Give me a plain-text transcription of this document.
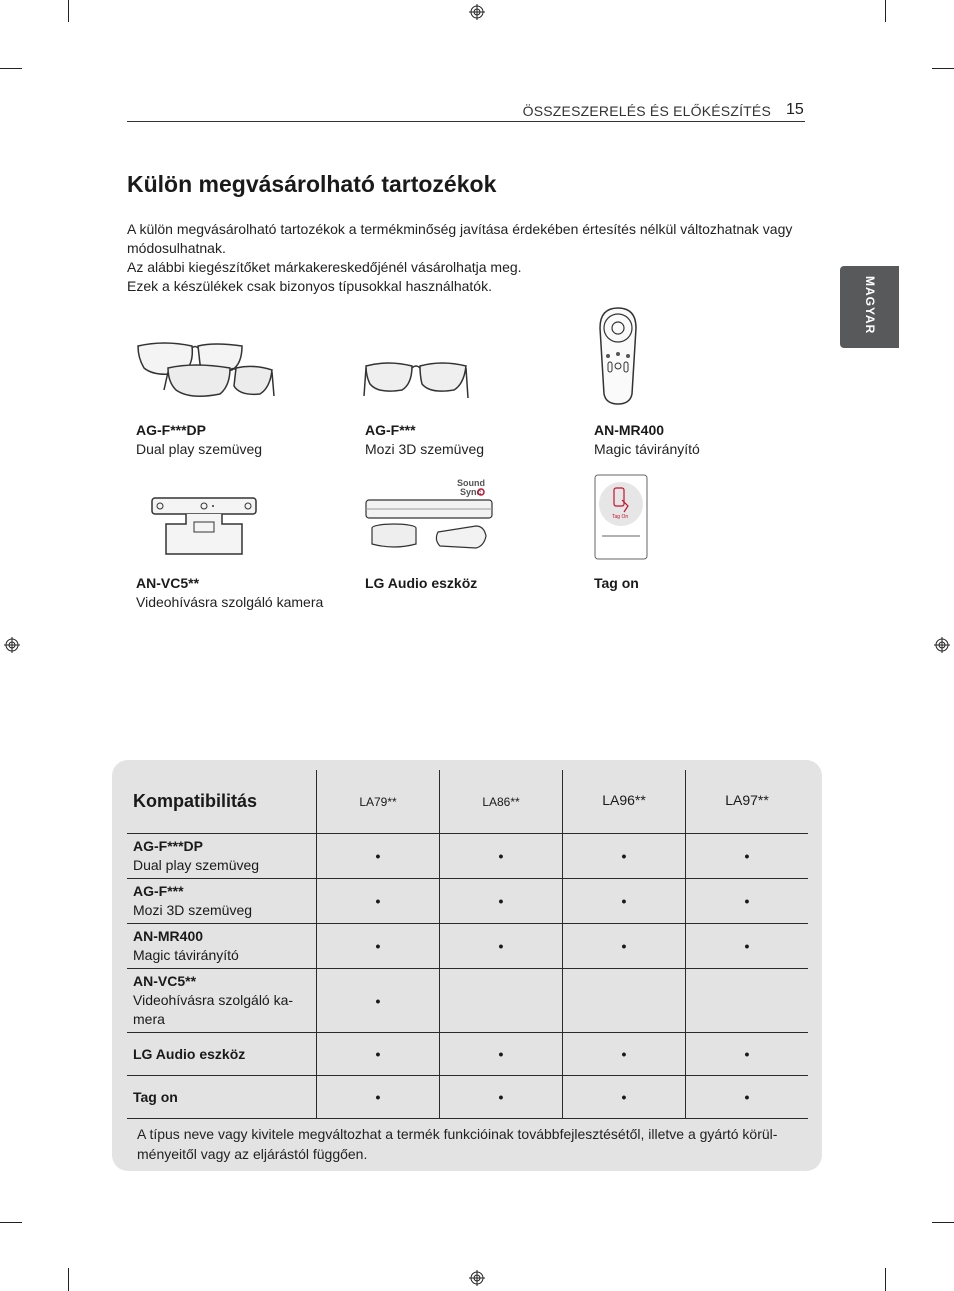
ÖSSZESZERELÉS ÉS ELŐKÉSZÍTÉS 15
MAGYAR
Külön megvásárolható tartozékok

A külön megvásárolható tartozékok a termékminőség javítása érdekében értesítés nélkül változhatnak vagy módosulhatnak.

Az alábbi kiegészítőket márkakereskedőjénél vásárolhatja meg.

Ezek a készülékek csak bizonyos típusokkal használhatók.

Sound
Sync
Tag On
AG-F***DP
Dual play szemüveg
AG-F***
Mozi 3D szemüveg
AN-MR400
Magic távirányító
AN-VC5**
Videohívásra szolgáló kamera
LG Audio eszköz	Tag on
Kompatibilitás	LA79**	LA86**	LA96**	LA97**

AG-F***DP
Dual play szemüveg	•	•	•	•

AG-F***
Mozi 3D szemüveg	•	•	•	•

AN-MR400
Magic távirányító	•	•	•	•

AN-VC5**
Videohívásra szolgáló ka-mera	•			

LG Audio eszköz	•	•	•	•

Tag on	•	•	•	•
A típus neve vagy kivitele megváltozhat a termék funkcióinak továbbfejlesztésétől, illetve a gyártó körül-ményeitől vagy az eljárástól függően.
